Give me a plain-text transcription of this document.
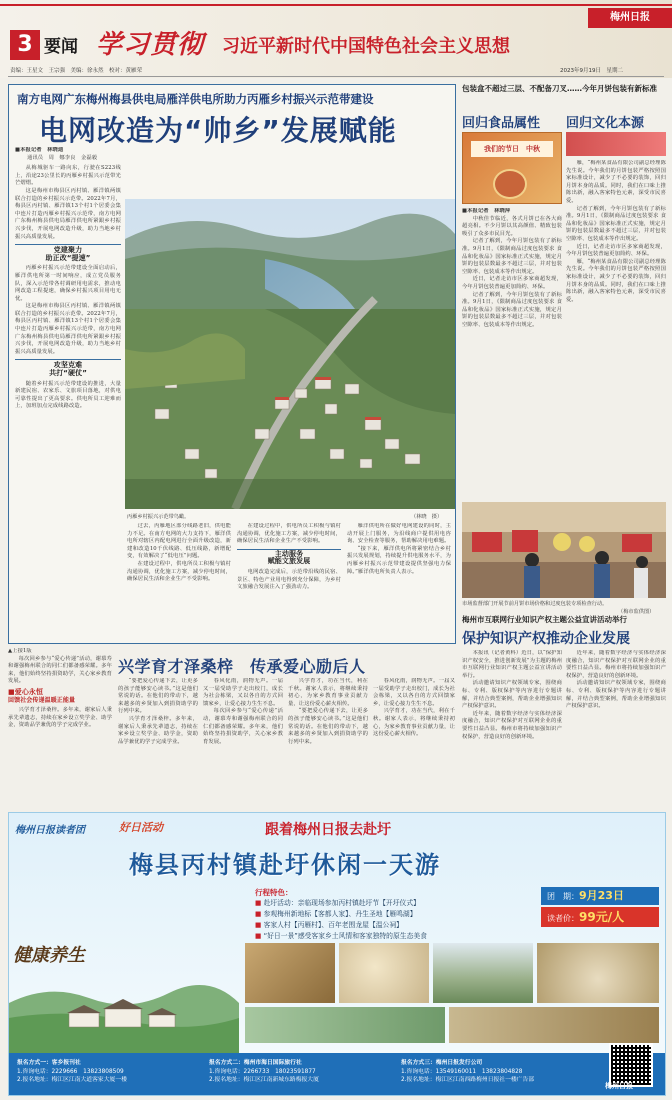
3 要闻 学习贯彻 习近平新时代中国特色社会主义思想
梅州日报
责编：王星文　王宗强　美编：徐永然　校对：黄雁荣	2023年9月19日　星期二
南方电网广东梅州梅县供电局雁洋供电所助力丙雁乡村振兴示范带建设
电网改造为“帅乡”发展赋能
■本报记者　林晓迪
通讯员　周　娜李良　金磊毅

从梅城驱车一路向东，行驶在S223线上，沿途23公里长的丙雁乡村振兴示范带光芒熠熠。

这是梅州市梅县区丙村镇、雁洋镇两镇联合打造的乡村振兴示范带。2022年7月，梅县区丙村镇、雁洋镇13个村1个居委会集中连片打造丙雁乡村振兴示范带，南方电网广东梅州梅县供电局雁洋供电所紧跟乡村振兴步伐，开展电网改造升级，助力当地乡村振兴高质量发展。

党建聚力
助正改“提速”

丙雁乡村振兴示范带建设全面启动后，雁洋供电所第一时间响应，成立党员服务队，深入示范带各村调研用电需求，推动电网改造工程提速，确保乡村振兴项目用电无忧。

这是梅州市梅县区丙村镇、雁洋镇两镇联合打造的乡村振兴示范带。2022年7月，梅县区丙村镇、雁洋镇13个村1个居委会集中连片打造丙雁乡村振兴示范带，南方电网广东梅州梅县供电局雁洋供电所紧跟乡村振兴步伐，开展电网改造升级，助力当地乡村振兴高质量发展。

攻坚克难
共打“硬仗”

随着乡村振兴示范带建设的推进，大量新建民宿、农家乐、文旅项目落地，对供电可靠性提出了更高要求。供电所员工迎难而上，加班加点完成线路改造。

丙雁乡村振兴示范带鸟瞰。	（林晓　摄）

过去，丙雁地区部分线路老旧，供电能力不足。在南方电网的大力支持下，雁洋供电所对辖区内配电网进行全面升级改造，新建和改造10千伏线路、低压线路，新增配变，有效解决了“低电压”问题。

在建设过程中，供电所员工积极与镇村沟通协调，优化施工方案，减少停电时间，确保居民生活和企业生产不受影响。

在建设过程中，供电所员工积极与镇村沟通协调，优化施工方案，减少停电时间，确保居民生活和企业生产不受影响。

主动服务
赋能文旅发展

电网改造完成后，示范带沿线的民宿、景区、特色产业用电得到充分保障，为乡村文旅融合发展注入了强劲动力。

雁洋供电所在做好电网建设的同时，主动开展上门服务，为沿线商户提供用电咨询、安全检查等服务，帮助解决用电难题。

“接下来，雁洋供电所将紧密结合乡村振兴发展规划，持续提升供电服务水平，为丙雁乡村振兴示范带建设提供坚强电力保障。”雁洋供电所负责人表示。

包装盒不超过三层、不配备刀叉……今年月饼包装有新标准
回归食品属性 回归文化本源
我们的节日　中秋
■本报记者　林晓萍

中秋佳节临近，各式月饼已在各大商超亮相。不少月饼以其高颜值、精致包装吸引了众多市民目光。

记者了解到，今年月饼包装有了新标准。9月1日，《限制商品过度包装要求 食品和化妆品》国家标准正式实施，规定月饼的包装层数最多不超过三层，并对包装空隙率、包装成本等作出规定。

近日，记者走访市区多家商超发现，今年月饼包装普遍更加简约、环保。

记者了解到，今年月饼包装有了新标准。9月1日，《限制商品过度包装要求 食品和化妆品》国家标准正式实施，规定月饼的包装层数最多不超过三层，并对包装空隙率、包装成本等作出规定。

雁，“梅州某食品有限公司副总经理陈先生说。今年我们的月饼包装严格按照国家标准设计，减少了不必要的装饰，回归月饼本身的品质。同时，我们在口味上推陈出新，融入客家特色元素，深受市民喜爱。

记者了解到，今年月饼包装有了新标准。9月1日，《限制商品过度包装要求 食品和化妆品》国家标准正式实施，规定月饼的包装层数最多不超过三层，并对包装空隙率、包装成本等作出规定。

近日，记者走访市区多家商超发现，今年月饼包装普遍更加简约、环保。

雁，“梅州某食品有限公司副总经理陈先生说。今年我们的月饼包装严格按照国家标准设计，减少了不必要的装饰，回归月饼本身的品质。同时，我们在口味上推陈出新，融入客家特色元素，深受市民喜爱。

市场监督部门开展节前月饼市场价格和过度包装专项检查行动。
（梅市监供图）
梅州市互联网行业知识产权主题公益宣讲活动举行
保护知识产权推动企业发展

本报讯（记者黄科）近日，以“保护知识产权安全，推进创新发展”为主题的梅州市互联网行业知识产权主题公益宣讲活动举行。

活动邀请知识产权领域专家，围绕商标、专利、版权保护等内容进行专题讲解，并结合典型案例，帮助企业增强知识产权保护意识。

近年来，随着数字经济与实体经济深度融合，知识产权保护对互联网企业的重要性日益凸显。梅州市将持续加强知识产权保护，营造良好的创新环境。

近年来，随着数字经济与实体经济深度融合，知识产权保护对互联网企业的重要性日益凸显。梅州市将持续加强知识产权保护，营造良好的创新环境。

活动邀请知识产权领域专家，围绕商标、专利、版权保护等内容进行专题讲解，并结合典型案例，帮助企业增强知识产权保护意识。

▲上接1版

每次回乡参与“爱心传递”活动，谢慕寿和谢强梅州联合的同仁们都备感荣耀。多年来，他们始终坚持捐资助学，关心家乡教育发展。

■爱心永恒
回馈社会传递温暖正能量

兴学育才泽桑梓。多年来，谢家后人秉承先辈遗志，持续在家乡设立奖学金、助学金，资助品学兼优的学子完成学业。

兴学育才泽桑梓　传承爱心励后人

“要把爱心传递下去，让更多的孩子能够安心读书。”这是他们常说的话。在他们的带动下，越来越多的乡贤加入到捐资助学的行列中来。

兴学育才泽桑梓。多年来，谢家后人秉承先辈遗志，持续在家乡设立奖学金、助学金，资助品学兼优的学子完成学业。

春风化雨，润物无声。一届又一届受助学子走出校门，成长为社会栋梁，又以各自的方式回馈家乡，让爱心接力生生不息。

每次回乡参与“爱心传递”活动，谢慕寿和谢强梅州联合的同仁们都备感荣耀。多年来，他们始终坚持捐资助学，关心家乡教育发展。

兴学育才，功在当代，利在千秋。谢家人表示，将继续秉持初心，为家乡教育事业贡献力量，让这份爱心薪火相传。

“要把爱心传递下去，让更多的孩子能够安心读书。”这是他们常说的话。在他们的带动下，越来越多的乡贤加入到捐资助学的行列中来。

春风化雨，润物无声。一届又一届受助学子走出校门，成长为社会栋梁，又以各自的方式回馈家乡，让爱心接力生生不息。

兴学育才，功在当代，利在千秋。谢家人表示，将继续秉持初心，为家乡教育事业贡献力量，让这份爱心薪火相传。

梅州日报读者团	好日活动	跟着梅州日报去赴圩
梅县丙村镇赴圩休闲一天游
团　期：9月23日
读者价：99元/人
健康养生
行程特色：
■ 赴圩活动：亲临现场参加丙村镇赴圩节【开圩仪式】
■ 参观梅州新地标【客都人家】、丹生圣地【雁鸣湖】
■ 客家人村【丙雁村】、百年老围龙屋【温公祠】
■ “好日一景”感受客家乡土风情和客家独特的原生态美食
报名方式一：客乡报刊社
1.咨询电话：2229666　13823808509
2.报名地址：梅江区江南大道客家大厦一楼
报名方式二：梅州市海日国际旅行社
1.咨询电话：2266733　18023591877
2.报名地址：梅江区江南新城东路梅报大厦
报名方式三：梅州日报发行公司
1.咨询电话：13549160011　13823804828
2.报名地址：梅江区江南西路梅州日报社一楼广告部
梅州日报
